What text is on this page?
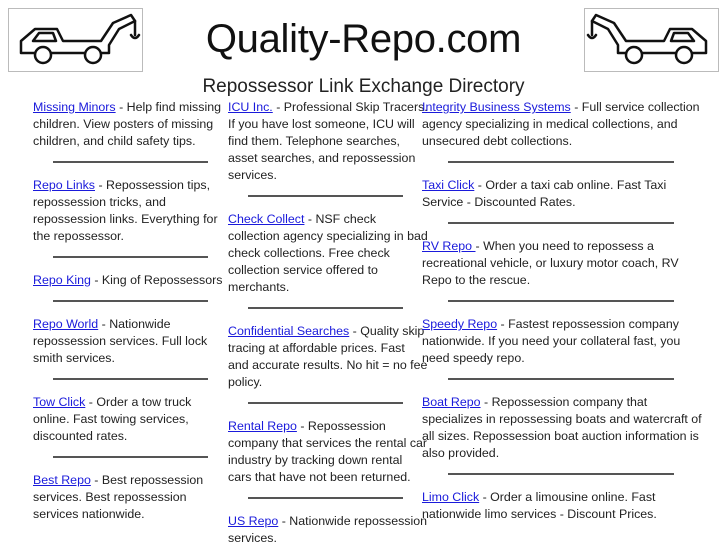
Quality-Repo.com
Repossessor Link Exchange Directory
Missing Minors - Help find missing children. View posters of missing children, and child safety tips.
Repo Links - Repossession tips, repossession tricks, and repossession links. Everything for the repossessor.
Repo King - King of Repossessors
Repo World - Nationwide repossession services. Full lock smith services.
Tow Click - Order a tow truck online. Fast towing services, discounted rates.
Best Repo - Best repossession services. Best repossession services nationwide.
ICU Inc. - Professional Skip Tracers. If you have lost someone, ICU will find them. Telephone searches, asset searches, and repossession services.
Check Collect - NSF check collection agency specializing in bad check collections. Free check collection service offered to merchants.
Confidential Searches - Quality skip tracing at affordable prices. Fast and accurate results. No hit = no fee policy.
Rental Repo - Repossession company that services the rental car industry by tracking down rental cars that have not been returned.
US Repo - Nationwide repossession services.
Integrity Business Systems - Full service collection agency specializing in medical collections, and unsecured debt collections.
Taxi Click - Order a taxi cab online. Fast Taxi Service - Discounted Rates.
RV Repo - When you need to repossess a recreational vehicle, or luxury motor coach, RV Repo to the rescue.
Speedy Repo - Fastest repossession company nationwide. If you need your collateral fast, you need speedy repo.
Boat Repo - Repossession company that specializes in repossessing boats and watercraft of all sizes. Repossession boat auction information is also provided.
Limo Click - Order a limousine online. Fast nationwide limo services - Discount Prices.
